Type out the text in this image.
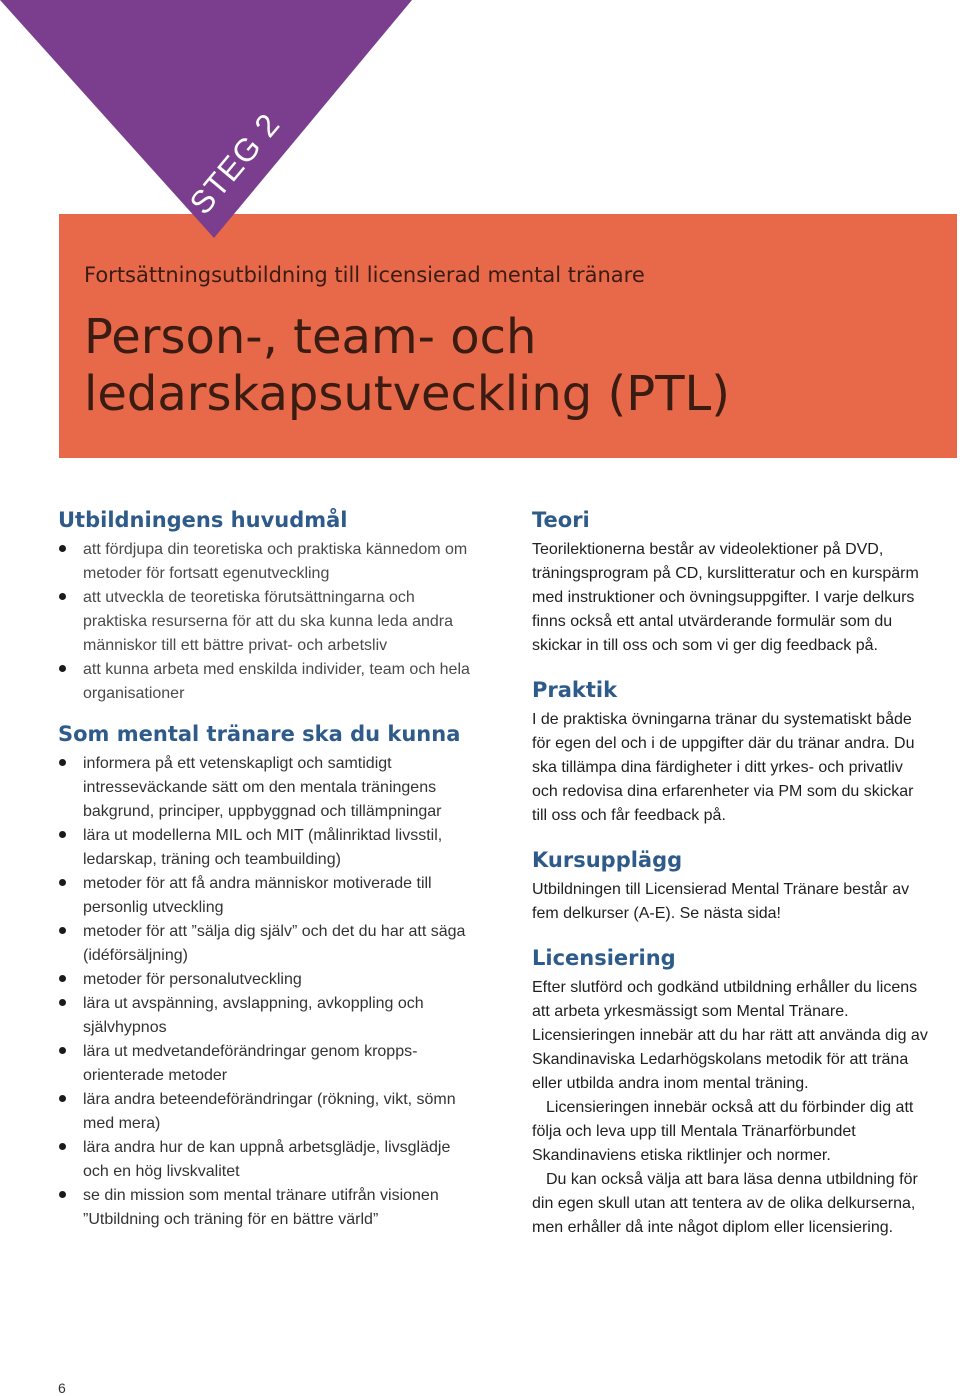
STEG 2
Fortsättningsutbildning till licensierad mental tränare
Person-, team- och
ledarskapsutveckling (PTL)
Utbildningens huvudmål
att fördjupa din teoretiska och praktiska kännedom om metoder för fortsatt egenutveckling
att utveckla de teoretiska förutsättningarna och praktiska resurserna för att du ska kunna leda andra människor till ett bättre privat- och arbetsliv
att kunna arbeta med enskilda individer, team och hela organisationer
Som mental tränare ska du kunna
informera på ett vetenskapligt och samtidigt intresseväckande sätt om den mentala träningens bakgrund, principer, uppbyggnad och tillämpningar
lära ut modellerna MIL och MIT (målinriktad livsstil, ledarskap, träning och teambuilding)
metoder för att få andra människor motiverade till personlig utveckling
metoder för att ”sälja dig själv” och det du har att säga (idéförsäljning)
metoder för personalutveckling
lära ut avspänning, avslappning, avkoppling och självhypnos
lära ut medvetandeförändringar genom kropps-orienterade metoder
lära andra beteendeförändringar (rökning, vikt, sömn med mera)
lära andra hur de kan uppnå arbetsglädje, livsglädje och en hög livskvalitet
se din mission som mental tränare utifrån visionen ”Utbildning och träning för en bättre värld”
Teori

Teorilektionerna består av videolektioner på DVD, träningsprogram på CD, kurslitteratur och en kurspärm med instruktioner och övningsuppgifter. I varje delkurs finns också ett antal utvärderande formulär som du skickar in till oss och som vi ger dig feedback på.

Praktik

I de praktiska övningarna tränar du systematiskt både för egen del och i de uppgifter där du tränar andra. Du ska tillämpa dina färdigheter i ditt yrkes- och privatliv och redovisa dina erfarenheter via PM som du skickar till oss och får feedback på.

Kursupplägg

Utbildningen till Licensierad Mental Tränare består av fem delkurser (A-E). Se nästa sida!

Licensiering

Efter slutförd och godkänd utbildning erhåller du licens att arbeta yrkesmässigt som Mental Tränare. Licensieringen innebär att du har rätt att använda dig av Skandinaviska Ledarhögskolans metodik för att träna eller utbilda andra inom mental träning.

Licensieringen innebär också att du förbinder dig att följa och leva upp till Mentala Tränarförbundet Skandinaviens etiska riktlinjer och normer.

Du kan också välja att bara läsa denna utbildning för din egen skull utan att tentera av de olika delkurserna, men erhåller då inte något diplom eller licensiering.

6
